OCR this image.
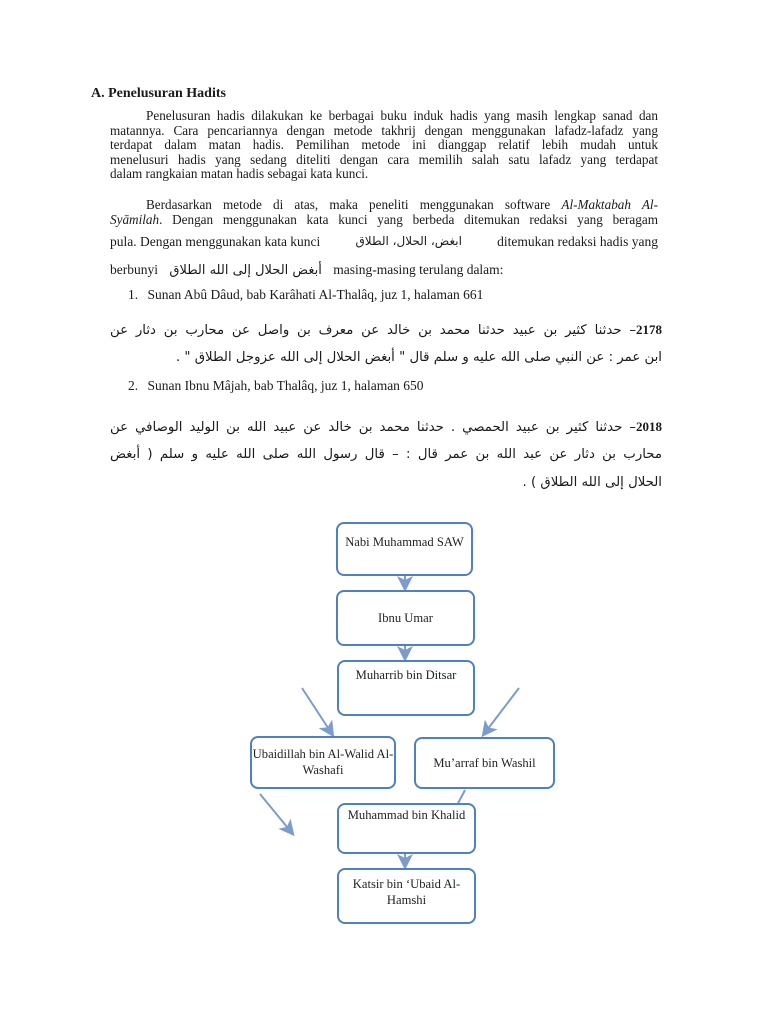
A. Penelusuran Hadits
Penelusuran hadis dilakukan ke berbagai buku induk hadis yang masih lengkap sanad dan
matannya. Cara pencariannya dengan metode takhrij dengan menggunakan lafadz-lafadz yang
terdapat dalam matan hadis. Pemilihan metode ini dianggap relatif lebih mudah untuk
menelusuri hadis yang sedang diteliti dengan cara memilih salah satu lafadz yang terdapat
dalam rangkaian matan hadis sebagai kata kunci.
Berdasarkan metode di atas, maka peneliti menggunakan software Al-Maktabah Al-
Syāmilah. Dengan menggunakan kata kunci yang berbeda ditemukan redaksi yang beragam
pula. Dengan menggunakan kata kunci	ابغض، الحلال، الطلاق	ditemukan redaksi hadis yang
berbunyi أبغض الحلال إلى الله الطلاق masing-masing terulang dalam:
1. Sunan Abû Dâud, bab Karâhati Al-Thalâq, juz 1, halaman 661
2178– حدثنا كثير بن عبيد حدثنا محمد بن خالد عن معرف بن واصل عن محارب بن دثار عن
ابن عمر : عن النبي صلى الله عليه و سلم قال " أبغض الحلال إلى الله عزوجل الطلاق " .
2. Sunan Ibnu Mâjah, bab Thalâq, juz 1, halaman 650
2018– حدثنا كثير بن عبيد الحمصي . حدثنا محمد بن خالد عن عبيد الله بن الوليد الوصافي عن
محارب بن دثار عن عبد الله بن عمر قال : – قال رسول الله صلى الله عليه و سلم ( أبغض
الحلال إلى الله الطلاق ) .
Nabi Muhammad SAW
Ibnu Umar
Muharrib bin Ditsar
Ubaidillah bin Al-Walid Al-Washafi	Mu’arraf bin Washil
Muhammad bin Khalid
Katsir bin ‘Ubaid Al-Hamshi
